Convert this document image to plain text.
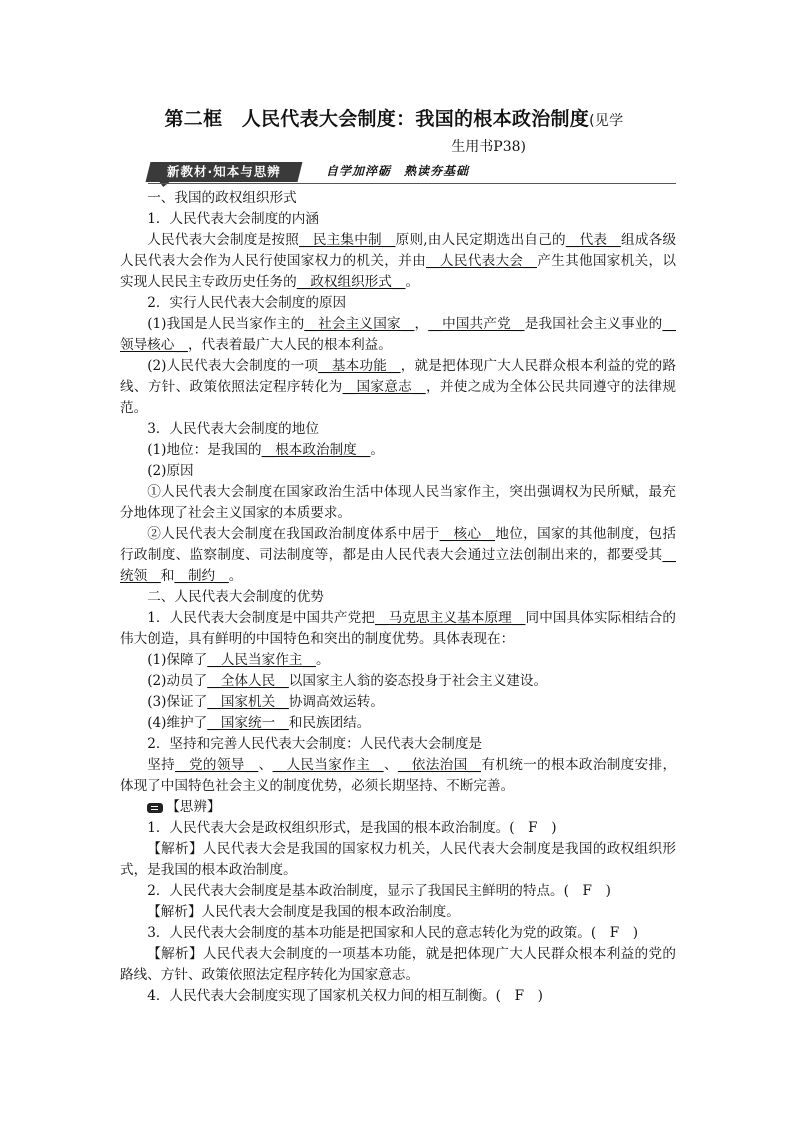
第二框　人民代表大会制度：我国的根本政治制度(见学
生用书P38)
新教材·知本与思辨	自学加淬砺　熟读夯基础

一、我国的政权组织形式

1．人民代表大会制度的内涵

人民代表大会制度是按照__民主集中制__原则,由人民定期选出自己的__代表__组成各级人民代表大会作为人民行使国家权力的机关，并由__人民代表大会__产生其他国家机关，以实现人民民主专政历史任务的__政权组织形式__。

2．实行人民代表大会制度的原因

(1)我国是人民当家作主的__社会主义国家__，__中国共产党__是我国社会主义事业的__领导核心__，代表着最广大人民的根本利益。

(2)人民代表大会制度的一项__基本功能__，就是把体现广大人民群众根本利益的党的路线、方针、政策依照法定程序转化为__国家意志__，并使之成为全体公民共同遵守的法律规范。

3．人民代表大会制度的地位

(1)地位：是我国的__根本政治制度__。

(2)原因

①人民代表大会制度在国家政治生活中体现人民当家作主，突出强调权为民所赋，最充分地体现了社会主义国家的本质要求。

②人民代表大会制度在我国政治制度体系中居于__核心__地位，国家的其他制度，包括行政制度、监察制度、司法制度等，都是由人民代表大会通过立法创制出来的，都要受其__统领__和__制约__。

二、人民代表大会制度的优势

1．人民代表大会制度是中国共产党把__马克思主义基本原理__同中国具体实际相结合的伟大创造，具有鲜明的中国特色和突出的制度优势。具体表现在：

(1)保障了__人民当家作主__。

(2)动员了__全体人民__以国家主人翁的姿态投身于社会主义建设。

(3)保证了__国家机关__协调高效运转。

(4)维护了__国家统一__和民族团结。

2．坚持和完善人民代表大会制度：人民代表大会制度是

坚持__党的领导__、__人民当家作主__、__依法治国__有机统一的根本政治制度安排，体现了中国特色社会主义的制度优势，必须长期坚持、不断完善。

【思辨】

1．人民代表大会是政权组织形式，是我国的根本政治制度。(　F　)

【解析】人民代表大会是我国的国家权力机关，人民代表大会制度是我国的政权组织形式，是我国的根本政治制度。

2．人民代表大会制度是基本政治制度，显示了我国民主鲜明的特点。(　F　)

【解析】人民代表大会制度是我国的根本政治制度。

3．人民代表大会制度的基本功能是把国家和人民的意志转化为党的政策。(　F　)

【解析】人民代表大会制度的一项基本功能，就是把体现广大人民群众根本利益的党的路线、方针、政策依照法定程序转化为国家意志。

4．人民代表大会制度实现了国家机关权力间的相互制衡。(　F　)
